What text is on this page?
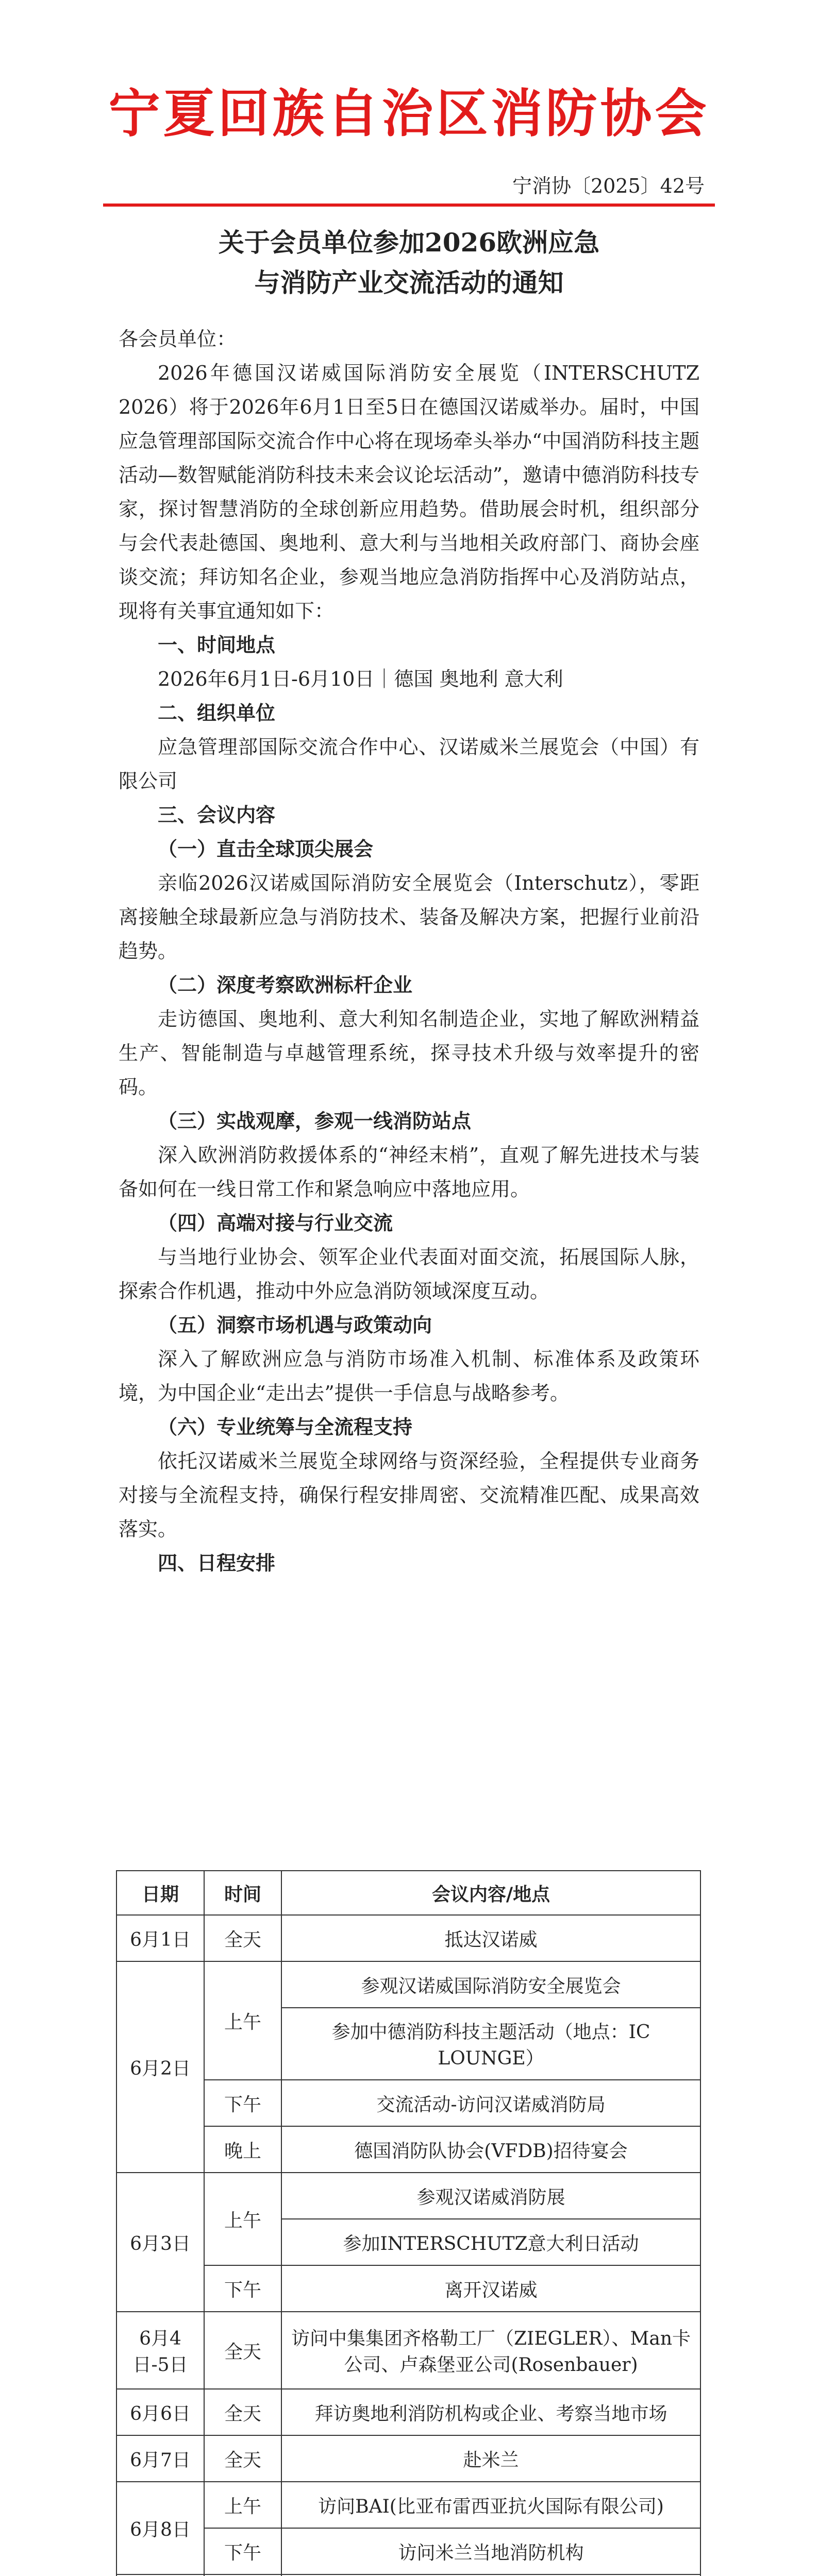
宁夏回族自治区消防协会
宁消协〔2025〕42号
关于会员单位参加2026欧洲应急
与消防产业交流活动的通知

各会员单位：

2026年德国汉诺威国际消防安全展览（INTERSCHUTZ 2026）将于2026年6月1日至5日在德国汉诺威举办。届时，中国应急管理部国际交流合作中心将在现场牵头举办“中国消防科技主题活动—数智赋能消防科技未来会议论坛活动”，邀请中德消防科技专家，探讨智慧消防的全球创新应用趋势。借助展会时机，组织部分与会代表赴德国、奥地利、意大利与当地相关政府部门、商协会座谈交流；拜访知名企业，参观当地应急消防指挥中心及消防站点，现将有关事宜通知如下：

一、时间地点

2026年6月1日-6月10日｜德国 奥地利 意大利

二、组织单位

应急管理部国际交流合作中心、汉诺威米兰展览会（中国）有限公司

三、会议内容

（一）直击全球顶尖展会

亲临2026汉诺威国际消防安全展览会（Interschutz），零距离接触全球最新应急与消防技术、装备及解决方案，把握行业前沿趋势。

（二）深度考察欧洲标杆企业

走访德国、奥地利、意大利知名制造企业，实地了解欧洲精益生产、智能制造与卓越管理系统，探寻技术升级与效率提升的密码。

（三）实战观摩，参观一线消防站点

深入欧洲消防救援体系的“神经末梢”，直观了解先进技术与装备如何在一线日常工作和紧急响应中落地应用。

（四）高端对接与行业交流

与当地行业协会、领军企业代表面对面交流，拓展国际人脉，探索合作机遇，推动中外应急消防领域深度互动。

（五）洞察市场机遇与政策动向

深入了解欧洲应急与消防市场准入机制、标准体系及政策环境，为中国企业“走出去”提供一手信息与战略参考。

（六）专业统筹与全流程支持

依托汉诺威米兰展览全球网络与资深经验，全程提供专业商务对接与全流程支持，确保行程安排周密、交流精准匹配、成果高效落实。

四、日程安排

日期	时间	会议内容/地点
6月1日	全天	抵达汉诺威
6月2日	上午	参观汉诺威国际消防安全展览会
		参加中德消防科技主题活动（地点：IC LOUNGE）
	下午	交流活动-访问汉诺威消防局
	晚上	德国消防队协会(VFDB)招待宴会
6月3日	上午	参观汉诺威消防展
		参加INTERSCHUTZ意大利日活动
	下午	离开汉诺威
6月4日-5日	全天	访问中集集团齐格勒工厂（ZIEGLER）、Man卡公司、卢森堡亚公司(Rosenbauer)
6月6日	全天	拜访奥地利消防机构或企业、考察当地市场
6月7日	全天	赴米兰
6月8日	上午	访问BAI(比亚布雷西亚抗火国际有限公司)
	下午	访问米兰当地消防机构
